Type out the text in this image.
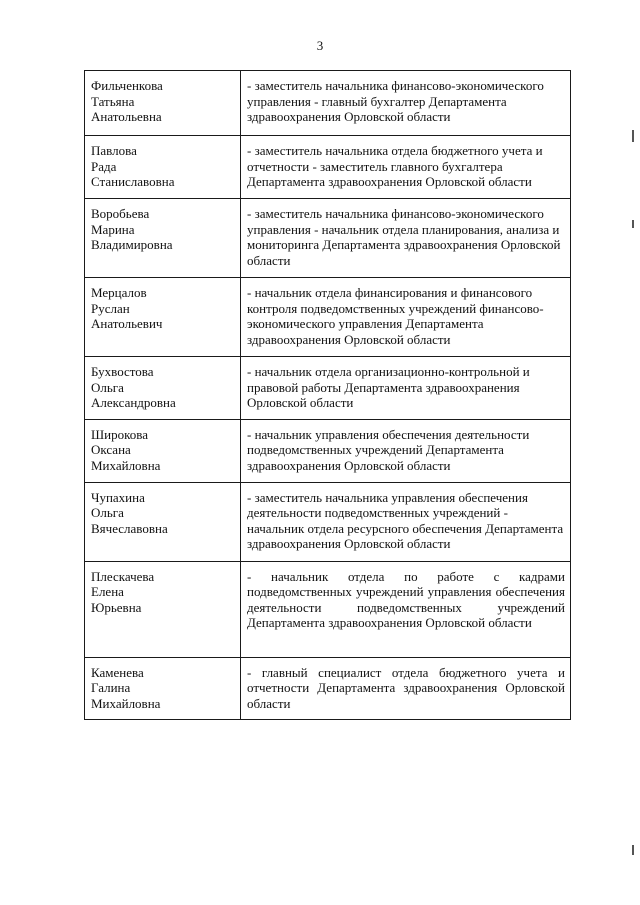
3
Фильченкова
Татьяна
Анатольевна	- заместитель начальника финансово-экономического управления - главный бухгалтер Департамента здравоохранения Орловской области

Павлова
Рада
Станиславовна	- заместитель начальника отдела бюджетного учета и отчетности - заместитель главного бухгалтера Департамента здравоохранения Орловской области

Воробьева
Марина
Владимировна	- заместитель начальника финансово-экономического управления - начальник отдела планирования, анализа и мониторинга Департамента здравоохранения Орловской области

Мерцалов
Руслан
Анатольевич	- начальник отдела финансирования и финансового контроля подведомственных учреждений финансово-экономического управления Департамента здравоохранения Орловской области

Бухвостова
Ольга
Александровна	- начальник отдела организационно-контрольной и правовой работы Департамента здравоохранения Орловской области

Широкова
Оксана
Михайловна	- начальник управления обеспечения деятельности подведомственных учреждений Департамента здравоохранения Орловской области

Чупахина
Ольга
Вячеславовна	- заместитель начальника управления обеспечения деятельности подведомственных учреждений - начальник отдела ресурсного обеспечения Департамента здравоохранения Орловской области

Плескачева
Елена
Юрьевна	- начальник отдела по работе с кадрами подведомственных учреждений управления обеспечения деятельности подведомственных учреждений Департамента здравоохранения Орловской области

Каменева
Галина
Михайловна	- главный специалист отдела бюджетного учета и отчетности Департамента здравоохранения Орловской области
